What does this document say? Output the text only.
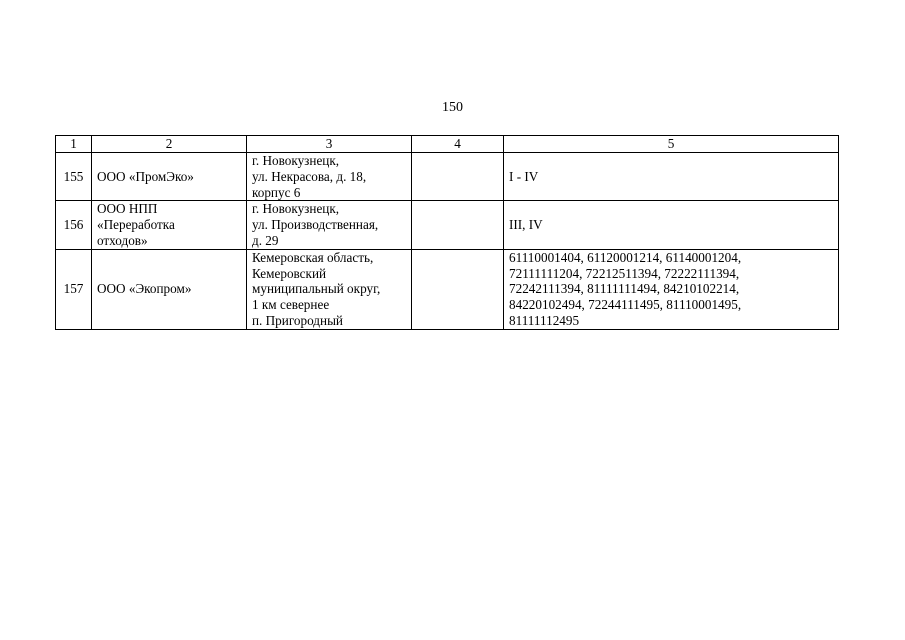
150
1	2	3	4	5
155	ООО «ПромЭко»	г. Новокузнецк,
ул. Некрасова, д. 18,
корпус 6		I - IV
156	ООО НПП
«Переработка
отходов»	г. Новокузнецк,
ул. Производственная,
д. 29		III, IV
157	ООО «Экопром»	Кемеровская область,
Кемеровский
муниципальный округ,
1 км севернее
п. Пригородный		61110001404, 61120001214, 61140001204,
72111111204, 72212511394, 72222111394,
72242111394, 81111111494, 84210102214,
84220102494, 72244111495, 81110001495,
81111112495
